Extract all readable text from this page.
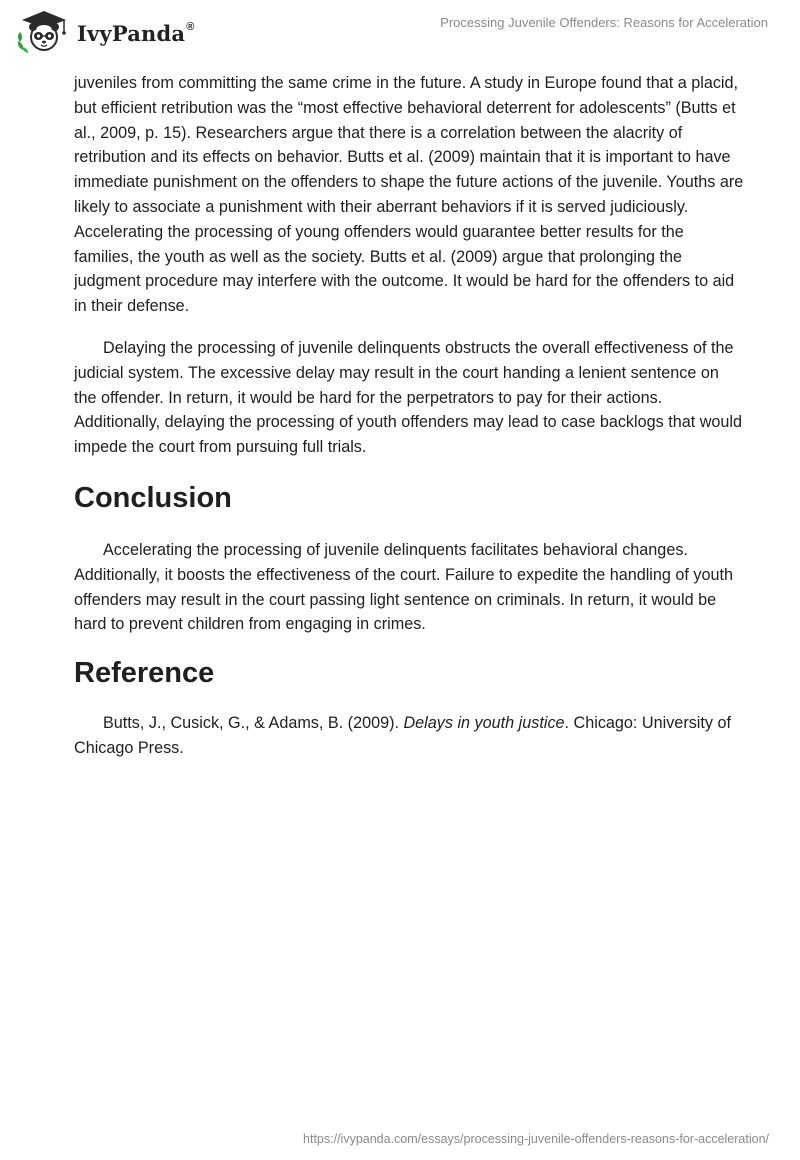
IvyPanda®	Processing Juvenile Offenders: Reasons for Acceleration

juveniles from committing the same crime in the future. A study in Europe found that a placid, but efficient retribution was the “most effective behavioral deterrent for adolescents” (Butts et al., 2009, p. 15). Researchers argue that there is a correlation between the alacrity of retribution and its effects on behavior. Butts et al. (2009) maintain that it is important to have immediate punishment on the offenders to shape the future actions of the juvenile. Youths are likely to associate a punishment with their aberrant behaviors if it is served judiciously. Accelerating the processing of young offenders would guarantee better results for the families, the youth as well as the society. Butts et al. (2009) argue that prolonging the judgment procedure may interfere with the outcome. It would be hard for the offenders to aid in their defense.

Delaying the processing of juvenile delinquents obstructs the overall effectiveness of the judicial system. The excessive delay may result in the court handing a lenient sentence on the offender. In return, it would be hard for the perpetrators to pay for their actions. Additionally, delaying the processing of youth offenders may lead to case backlogs that would impede the court from pursuing full trials.

Conclusion

Accelerating the processing of juvenile delinquents facilitates behavioral changes. Additionally, it boosts the effectiveness of the court. Failure to expedite the handling of youth offenders may result in the court passing light sentence on criminals. In return, it would be hard to prevent children from engaging in crimes.

Reference

Butts, J., Cusick, G., & Adams, B. (2009). Delays in youth justice. Chicago: University of Chicago Press.

https://ivypanda.com/essays/processing-juvenile-offenders-reasons-for-acceleration/
